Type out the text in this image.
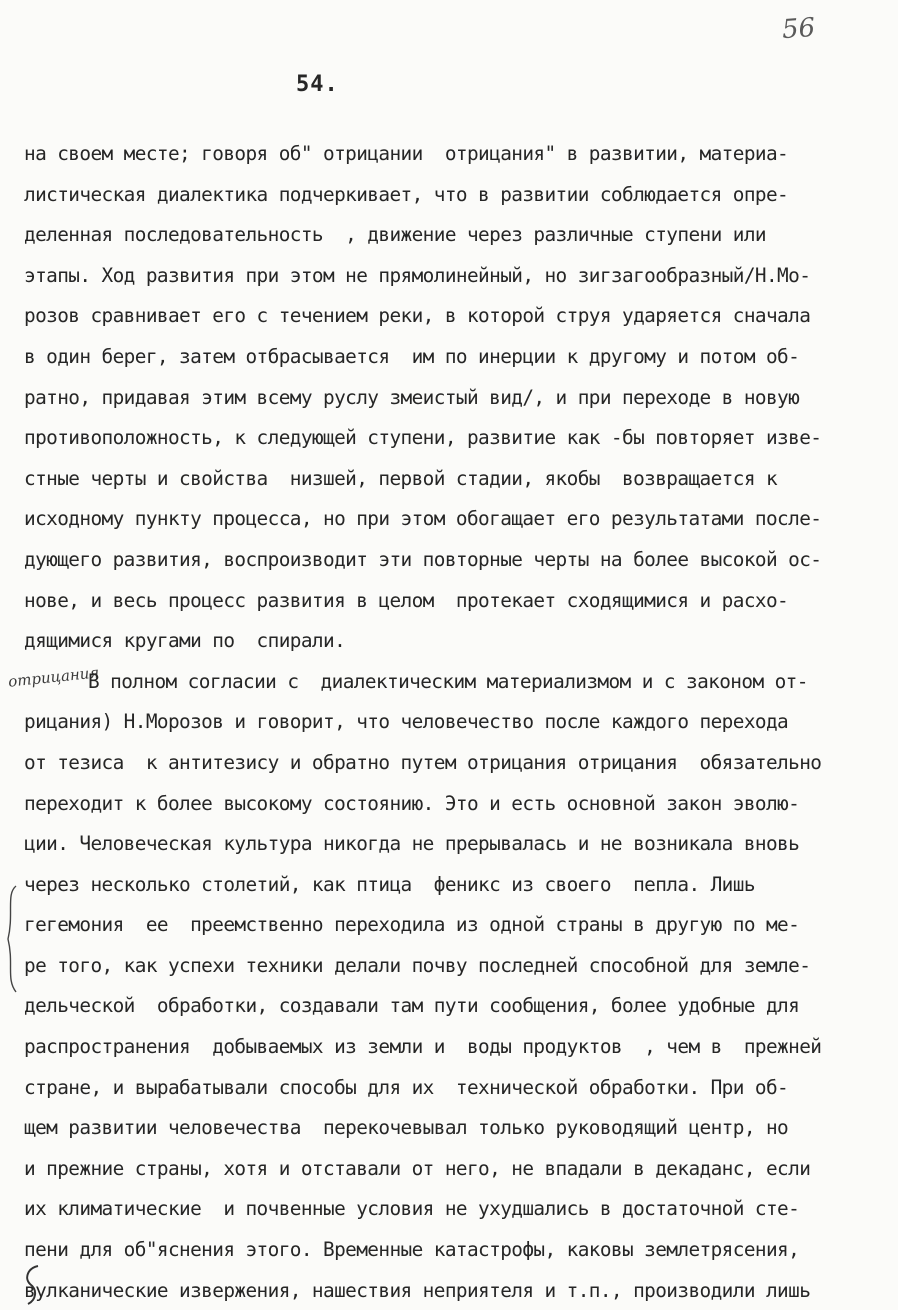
56
54.
отрицания
на своем месте; говоря об" отрицании  отрицания" в развитии, материа-
листическая диалектика подчеркивает, что в развитии соблюдается опре-
деленная последовательность  , движение через различные ступени или
этапы. Ход развития при этом не прямолинейный, но зигзагообразный/Н.Мо-
розов сравнивает его с течением реки, в которой струя ударяется сначала
в один берег, затем отбрасывается  им по инерции к другому и потом об-
ратно, придавая этим всему руслу змеистый вид/, и при переходе в новую
противоположность, к следующей ступени, развитие как -бы повторяет изве-
стные черты и свойства  низшей, первой стадии, якобы  возвращается к
исходному пункту процесса, но при этом обогащает его результатами после-
дующего развития, воспроизводит эти повторные черты на более высокой ос-
нове, и весь процесс развития в целом  протекает сходящимися и расхо-
дящимися кругами по  спирали.
В полном согласии с  диалектическим материализмом и с законом от-
рицания) Н.Морозов и говорит, что человечество после каждого перехода
от тезиса  к антитезису и обратно путем отрицания отрицания  обязательно
переходит к более высокому состоянию. Это и есть основной закон эволю-
ции. Человеческая культура никогда не прерывалась и не возникала вновь
через несколько столетий, как птица  феникс из своего  пепла. Лишь
гегемония  ее  преемственно переходила из одной страны в другую по ме-
ре того, как успехи техники делали почву последней способной для земле-
дельческой  обработки, создавали там пути сообщения, более удобные для
распространения  добываемых из земли и  воды продуктов  , чем в  прежней
стране, и вырабатывали способы для их  технической обработки. При об-
щем развитии человечества  перекочевывал только руководящий центр, но
и прежние страны, хотя и отставали от него, не впадали в декаданс, если
их климатические  и почвенные условия не ухудшались в достаточной сте-
пени для об"яснения этого. Временные катастрофы, каковы землетрясения,
вулканические извержения, нашествия неприятеля и т.п., производили лишь
